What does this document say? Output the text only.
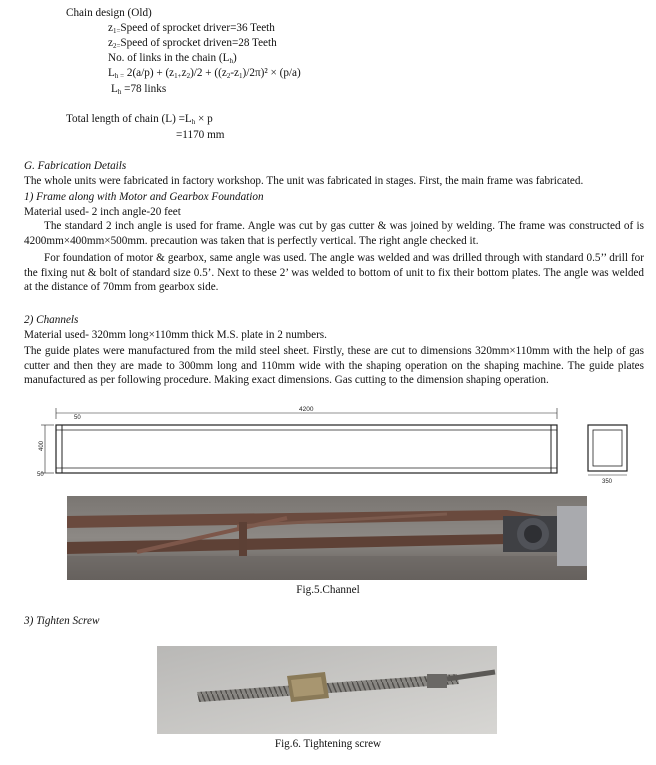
Chain design (Old)
$z_{1=}Speed$ of sprocket driver=36 Teeth
$z_{2=}Speed$ of sprocket driven=28 Teeth
No. of links in the chain $(L_h)$
$L_{h =}$ $2(a/p) + (z_{1+}z_2)/2 + ((z_2-z_1)/2\pi)^2 \times (p/a)$
$L_h =78$ links
Total length of chain $(L) =L_h \times p$
=1170 mm
G. Fabrication Details
The whole units were fabricated in factory workshop. The unit was fabricated in stages. First, the main frame was fabricated.
1) Frame along with Motor and Gearbox Foundation
Material used- 2 inch angle-20 feet
The standard 2 inch angle is used for frame. Angle was cut by gas cutter & was joined by welding. The frame was constructed of is 4200mm×400mm×500mm. precaution was taken that is perfectly vertical. The right angle checked it.
For foundation of motor & gearbox, same angle was used. The angle was welded and was drilled through with standard 0.5’’ drill for the fixing nut & bolt of standard size 0.5’. Next to these 2’ was welded to bottom of unit to fix their bottom plates. The angle was welded at the distance of 70mm from gearbox side.
2) Channels
Material used- 320mm long×110mm thick M.S. plate in 2 numbers.
The guide plates were manufactured from the mild steel sheet. Firstly, these are cut to dimensions 320mm×110mm with the help of gas cutter and then they are made to 300mm long and 110mm wide with the shaping operation on the shaping machine. The guide plates manufactured as per following procedure. Making exact dimensions. Gas cutting to the dimension shaping operation.
4200
50
400
50
350
Fig.5.Channel
3) Tighten Screw
Fig.6. Tightening screw
